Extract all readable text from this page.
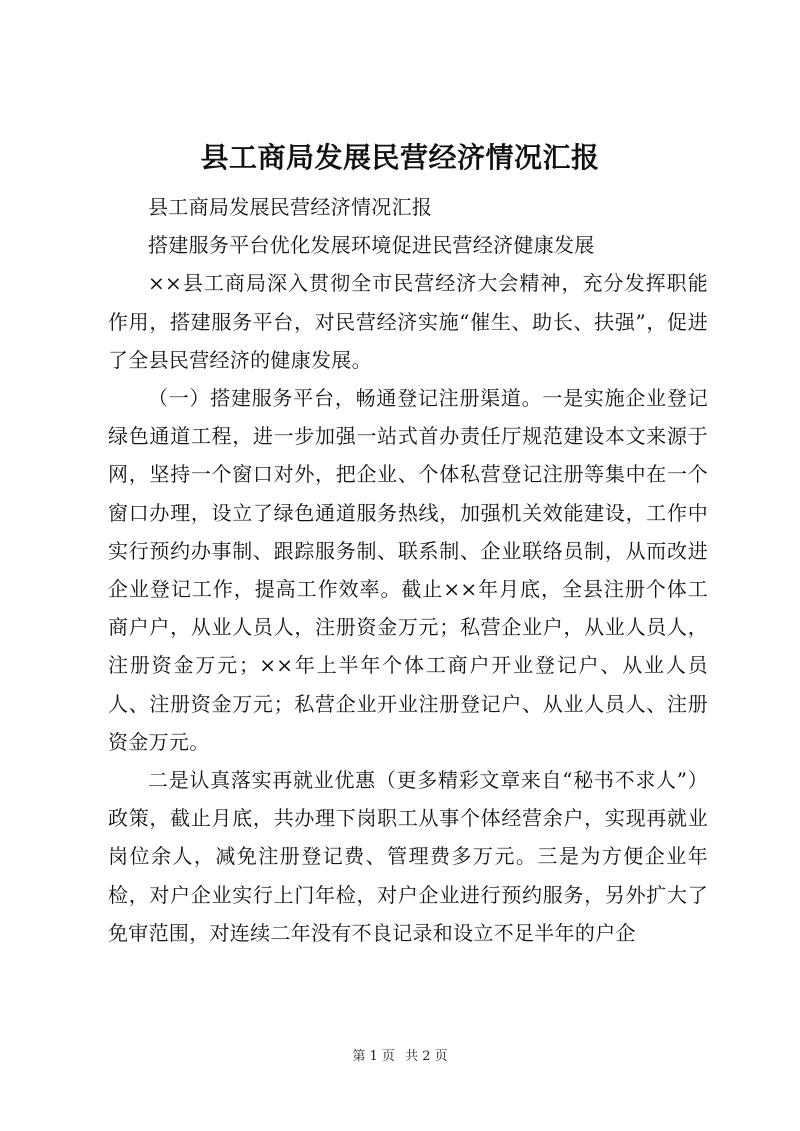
县工商局发展民营经济情况汇报

县工商局发展民营经济情况汇报

搭建服务平台优化发展环境促进民营经济健康发展

××县工商局深入贯彻全市民营经济大会精神，充分发挥职能作用，搭建服务平台，对民营经济实施“催生、助长、扶强”，促进了全县民营经济的健康发展。

（一）搭建服务平台，畅通登记注册渠道。一是实施企业登记绿色通道工程，进一步加强一站式首办责任厅规范建设本文来源于网，坚持一个窗口对外，把企业、个体私营登记注册等集中在一个窗口办理，设立了绿色通道服务热线，加强机关效能建设，工作中实行预约办事制、跟踪服务制、联系制、企业联络员制，从而改进企业登记工作，提高工作效率。截止××年月底，全县注册个体工商户户，从业人员人，注册资金万元；私营企业户，从业人员人，注册资金万元；××年上半年个体工商户开业登记户、从业人员人、注册资金万元；私营企业开业注册登记户、从业人员人、注册资金万元。

二是认真落实再就业优惠（更多精彩文章来自“秘书不求人”）政策，截止月底，共办理下岗职工从事个体经营余户，实现再就业岗位余人，减免注册登记费、管理费多万元。三是为方便企业年检，对户企业实行上门年检，对户企业进行预约服务，另外扩大了免审范围，对连续二年没有不良记录和设立不足半年的户企

第 1 页 共 2 页
